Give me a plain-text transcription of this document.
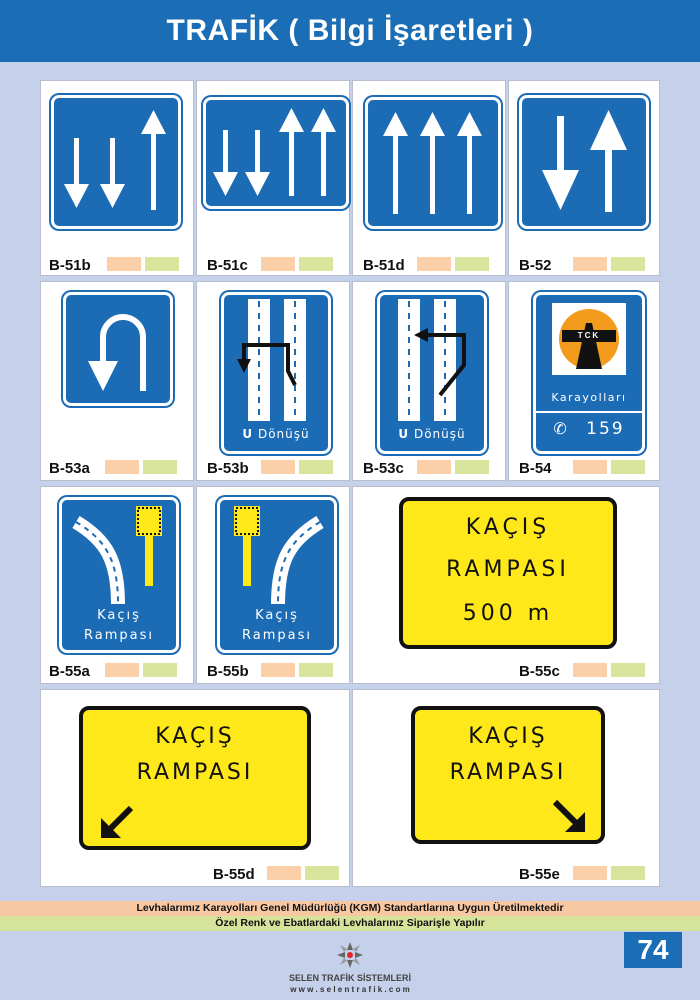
TRAFİK ( Bilgi İşaretleri )
B-51b	B-51c	B-51d	B-52
B-53a
U Dönüşü
B-53b
U Dönüşü
B-53c
TCK
Karayolları
✆ 159
B-54
Kaçış
Rampası
B-55a
Kaçış
Rampası
B-55b
KAÇIŞ
RAMPASI
500 m
B-55c
KAÇIŞ
RAMPASI
B-55d
KAÇIŞ
RAMPASI
B-55e
Levhalarımız Karayolları Genel Müdürlüğü (KGM) Standartlarına Uygun Üretilmektedir
Özel Renk ve Ebatlardaki Levhalarınız Siparişle Yapılır
SELEN TRAFİK SİSTEMLERİ
w w w . s e l e n t r a f i k . c o m
74
